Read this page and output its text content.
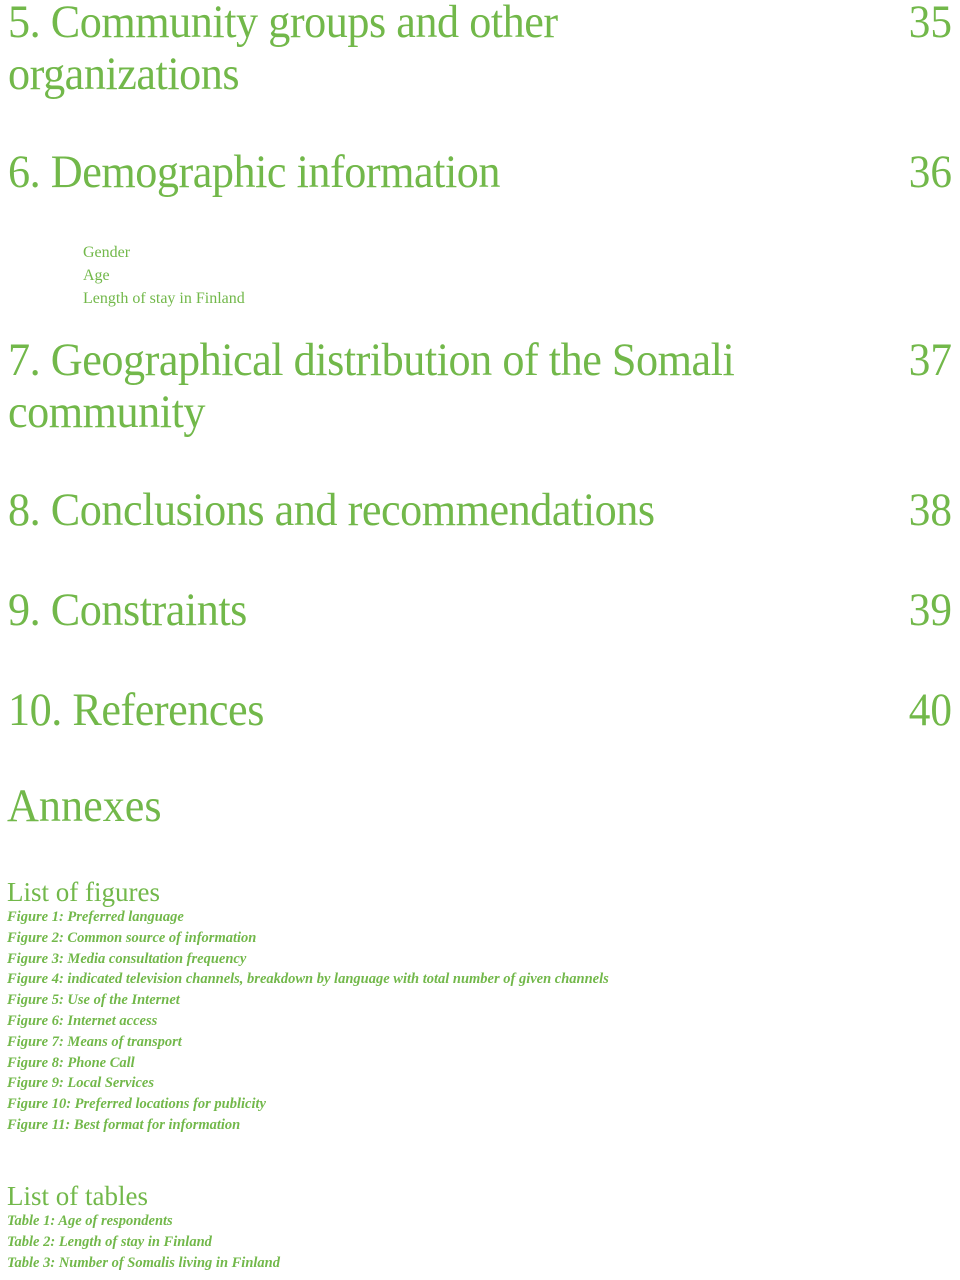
5. Community groups and other
organizations
35
6. Demographic information	36
Gender
Age
Length of stay in Finland
7. Geographical distribution of the Somali
community
37
8. Conclusions and recommendations	38
9. Constraints	39
10. References	40
Annexes
List of figures
Figure 1: Preferred language
Figure 2: Common source of information
Figure 3: Media consultation frequency
Figure 4: indicated television channels, breakdown by language with total number of given channels
Figure 5: Use of the Internet
Figure 6: Internet access
Figure 7: Means of transport
Figure 8: Phone Call
Figure 9: Local Services
Figure 10: Preferred locations for publicity
Figure 11: Best format for information
List of tables
Table 1: Age of respondents
Table 2: Length of stay in Finland
Table 3: Number of Somalis living in Finland
